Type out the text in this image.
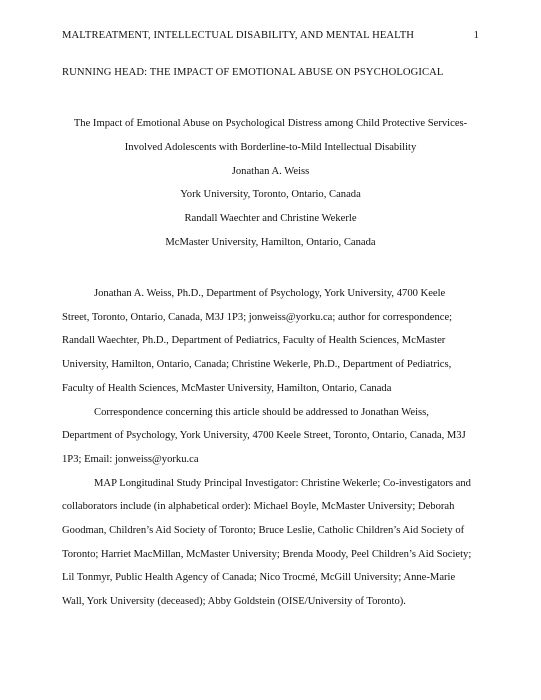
MALTREATMENT, INTELLECTUAL DISABILITY, AND MENTAL HEALTH	1
RUNNING HEAD: THE IMPACT OF EMOTIONAL ABUSE ON PSYCHOLOGICAL
The Impact of Emotional Abuse on Psychological Distress among Child Protective Services-
Involved Adolescents with Borderline-to-Mild Intellectual Disability
Jonathan A. Weiss
York University, Toronto, Ontario, Canada
Randall Waechter and Christine Wekerle
McMaster University, Hamilton, Ontario, Canada
Jonathan A. Weiss, Ph.D., Department of Psychology, York University, 4700 Keele
Street, Toronto, Ontario, Canada, M3J 1P3; jonweiss@yorku.ca; author for correspondence;
Randall Waechter, Ph.D., Department of Pediatrics, Faculty of Health Sciences, McMaster
University, Hamilton, Ontario, Canada; Christine Wekerle, Ph.D., Department of Pediatrics,
Faculty of Health Sciences, McMaster University, Hamilton, Ontario, Canada
Correspondence concerning this article should be addressed to Jonathan Weiss,
Department of Psychology, York University, 4700 Keele Street, Toronto, Ontario, Canada, M3J
1P3; Email: jonweiss@yorku.ca
MAP Longitudinal Study Principal Investigator: Christine Wekerle; Co-investigators and
collaborators include (in alphabetical order): Michael Boyle, McMaster University; Deborah
Goodman, Children’s Aid Society of Toronto; Bruce Leslie, Catholic Children’s Aid Society of
Toronto; Harriet MacMillan, McMaster University; Brenda Moody, Peel Children’s Aid Society;
Lil Tonmyr, Public Health Agency of Canada; Nico Trocmé, McGill University; Anne-Marie
Wall, York University (deceased); Abby Goldstein (OISE/University of Toronto).
